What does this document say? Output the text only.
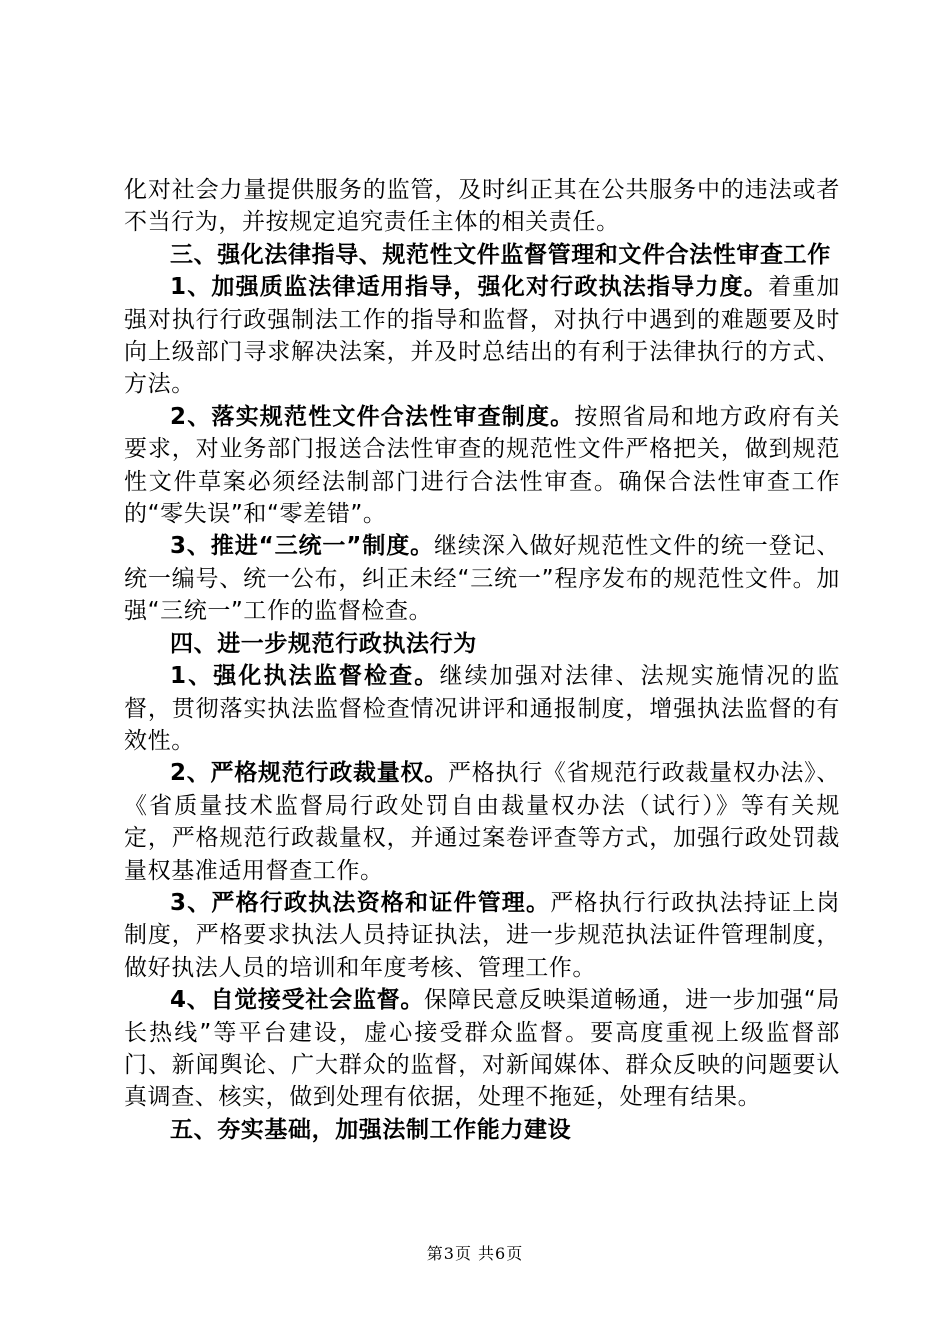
化对社会力量提供服务的监管，及时纠正其在公共服务中的违法或者不当行为，并按规定追究责任主体的相关责任。

三、强化法律指导、规范性文件监督管理和文件合法性审查工作

1、加强质监法律适用指导，强化对行政执法指导力度。着重加强对执行行政强制法工作的指导和监督，对执行中遇到的难题要及时向上级部门寻求解决法案，并及时总结出的有利于法律执行的方式、方法。

2、落实规范性文件合法性审查制度。按照省局和地方政府有关要求，对业务部门报送合法性审查的规范性文件严格把关，做到规范性文件草案必须经法制部门进行合法性审查。确保合法性审查工作的“零失误”和“零差错”。

3、推进“三统一”制度。继续深入做好规范性文件的统一登记、统一编号、统一公布，纠正未经“三统一”程序发布的规范性文件。加强“三统一”工作的监督检查。

四、进一步规范行政执法行为

1、强化执法监督检查。继续加强对法律、法规实施情况的监督，贯彻落实执法监督检查情况讲评和通报制度，增强执法监督的有效性。

2、严格规范行政裁量权。严格执行《省规范行政裁量权办法》、《省质量技术监督局行政处罚自由裁量权办法（试行）》等有关规定，严格规范行政裁量权，并通过案卷评查等方式，加强行政处罚裁量权基准适用督查工作。

3、严格行政执法资格和证件管理。严格执行行政执法持证上岗制度，严格要求执法人员持证执法，进一步规范执法证件管理制度，做好执法人员的培训和年度考核、管理工作。

4、自觉接受社会监督。保障民意反映渠道畅通，进一步加强“局长热线”等平台建设，虚心接受群众监督。要高度重视上级监督部门、新闻舆论、广大群众的监督，对新闻媒体、群众反映的问题要认真调查、核实，做到处理有依据，处理不拖延，处理有结果。

五、夯实基础，加强法制工作能力建设

第3页 共6页
